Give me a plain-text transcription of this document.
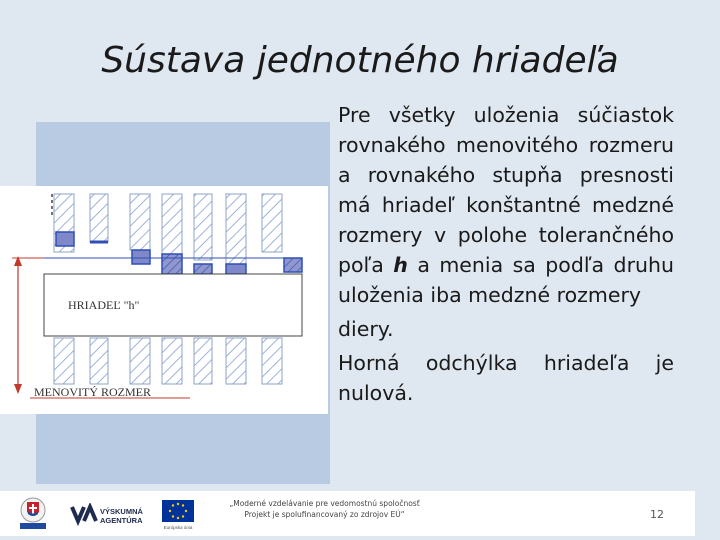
Sústava jednotného hriadeľa
HRIADEĽ "h"
MENOVITÝ ROZMER

Pre všetky uloženia súčiastok rovnakého menovitého rozmeru a rovnakého stupňa presnosti má hriadeľ konštantné medzné rozmery v polohe tolerančného poľa h a menia sa podľa druhu uloženia iba medzné rozmery

diery.

Horná odchýlka hriadeľa je nulová.

VÝSKUMNÁ
AGENTÚRA
Európska únia
„Moderné vzdelávanie pre vedomostnú spoločnosť
Projekt je spolufinancovaný zo zdrojov EÚ“	12
